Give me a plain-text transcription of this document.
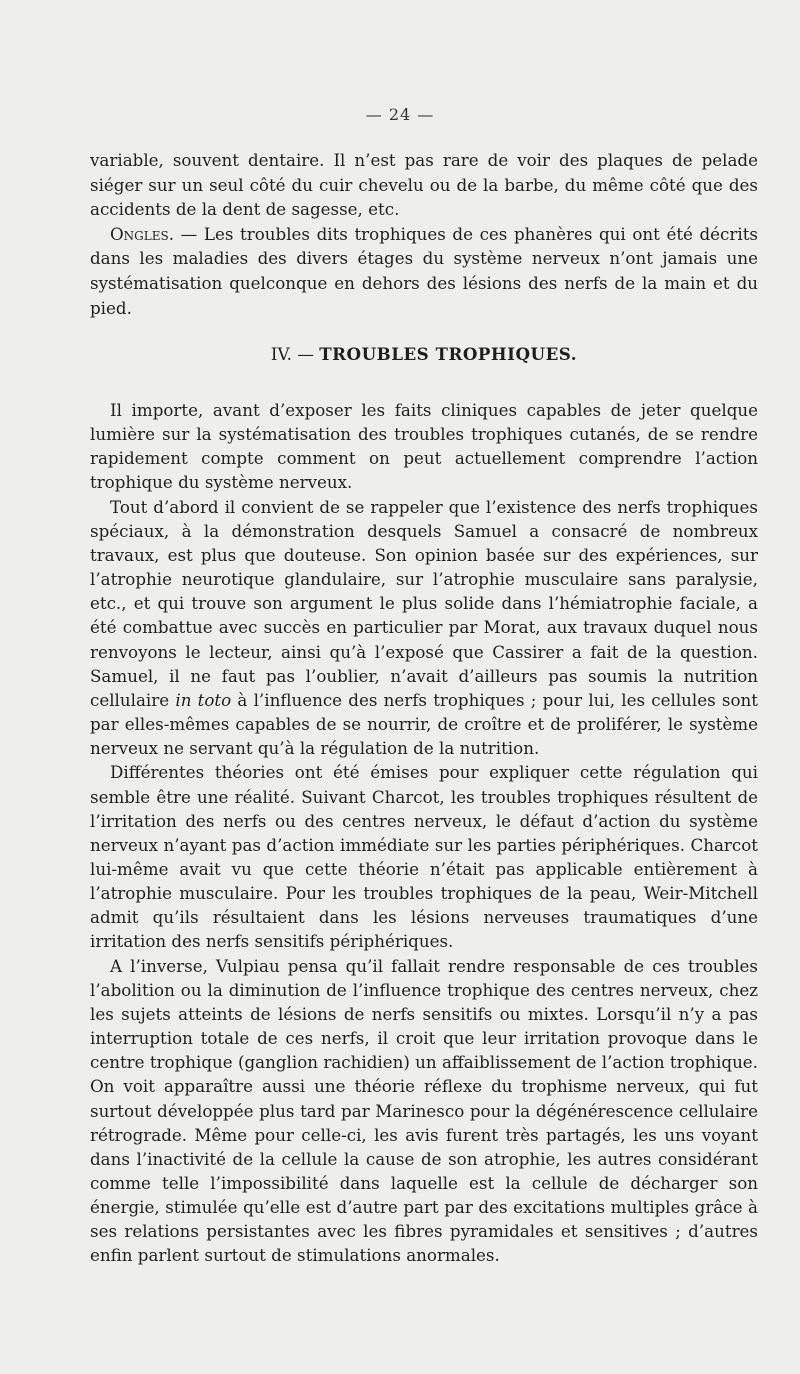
— 24 —

variable, souvent dentaire. Il n’est pas rare de voir des plaques de pelade siéger sur un seul côté du cuir chevelu ou de la barbe, du même côté que des accidents de la dent de sagesse, etc.

Ongles. — Les troubles dits trophiques de ces phanères qui ont été décrits dans les maladies des divers étages du système nerveux n’ont jamais une systématisation quelconque en dehors des lésions des nerfs de la main et du pied.

IV. — TROUBLES TROPHIQUES.

Il importe, avant d’exposer les faits cliniques capables de jeter quelque lumière sur la systématisation des troubles trophiques cutanés, de se rendre rapidement compte comment on peut actuellement comprendre l’action trophique du système nerveux.

Tout d’abord il convient de se rappeler que l’existence des nerfs trophiques spéciaux, à la démonstration desquels Samuel a consacré de nombreux travaux, est plus que douteuse. Son opinion basée sur des expériences, sur l’atrophie neurotique glandulaire, sur l’atrophie musculaire sans paralysie, etc., et qui trouve son argument le plus solide dans l’hémiatrophie faciale, a été combattue avec succès en particulier par Morat, aux travaux duquel nous renvoyons le lecteur, ainsi qu’à l’exposé que Cassirer a fait de la question. Samuel, il ne faut pas l’oublier, n’avait d’ailleurs pas soumis la nutrition cellulaire in toto à l’influence des nerfs trophiques ; pour lui, les cellules sont par elles-mêmes capables de se nourrir, de croître et de proliférer, le système nerveux ne servant qu’à la régulation de la nutrition.

Différentes théories ont été émises pour expliquer cette régulation qui semble être une réalité. Suivant Charcot, les troubles trophiques résultent de l’irritation des nerfs ou des centres nerveux, le défaut d’action du système nerveux n’ayant pas d’action immédiate sur les parties périphériques. Charcot lui-même avait vu que cette théorie n’était pas applicable entièrement à l’atrophie musculaire. Pour les troubles trophiques de la peau, Weir-Mitchell admit qu’ils résultaient dans les lésions nerveuses traumatiques d’une irritation des nerfs sensitifs périphériques.

A l’inverse, Vulpiau pensa qu’il fallait rendre responsable de ces troubles l’abolition ou la diminution de l’influence trophique des centres nerveux, chez les sujets atteints de lésions de nerfs sensitifs ou mixtes. Lorsqu’il n’y a pas interruption totale de ces nerfs, il croit que leur irritation provoque dans le centre trophique (ganglion rachidien) un affaiblissement de l’action trophique. On voit apparaître aussi une théorie réflexe du trophisme nerveux, qui fut surtout développée plus tard par Marinesco pour la dégénérescence cellulaire rétrograde. Même pour celle-ci, les avis furent très partagés, les uns voyant dans l’inactivité de la cellule la cause de son atrophie, les autres considérant comme telle l’impossibilité dans laquelle est la cellule de décharger son énergie, stimulée qu’elle est d’autre part par des excitations multiples grâce à ses relations persistantes avec les fibres pyramidales et sensitives ; d’autres enfin parlent surtout de stimulations anormales.
